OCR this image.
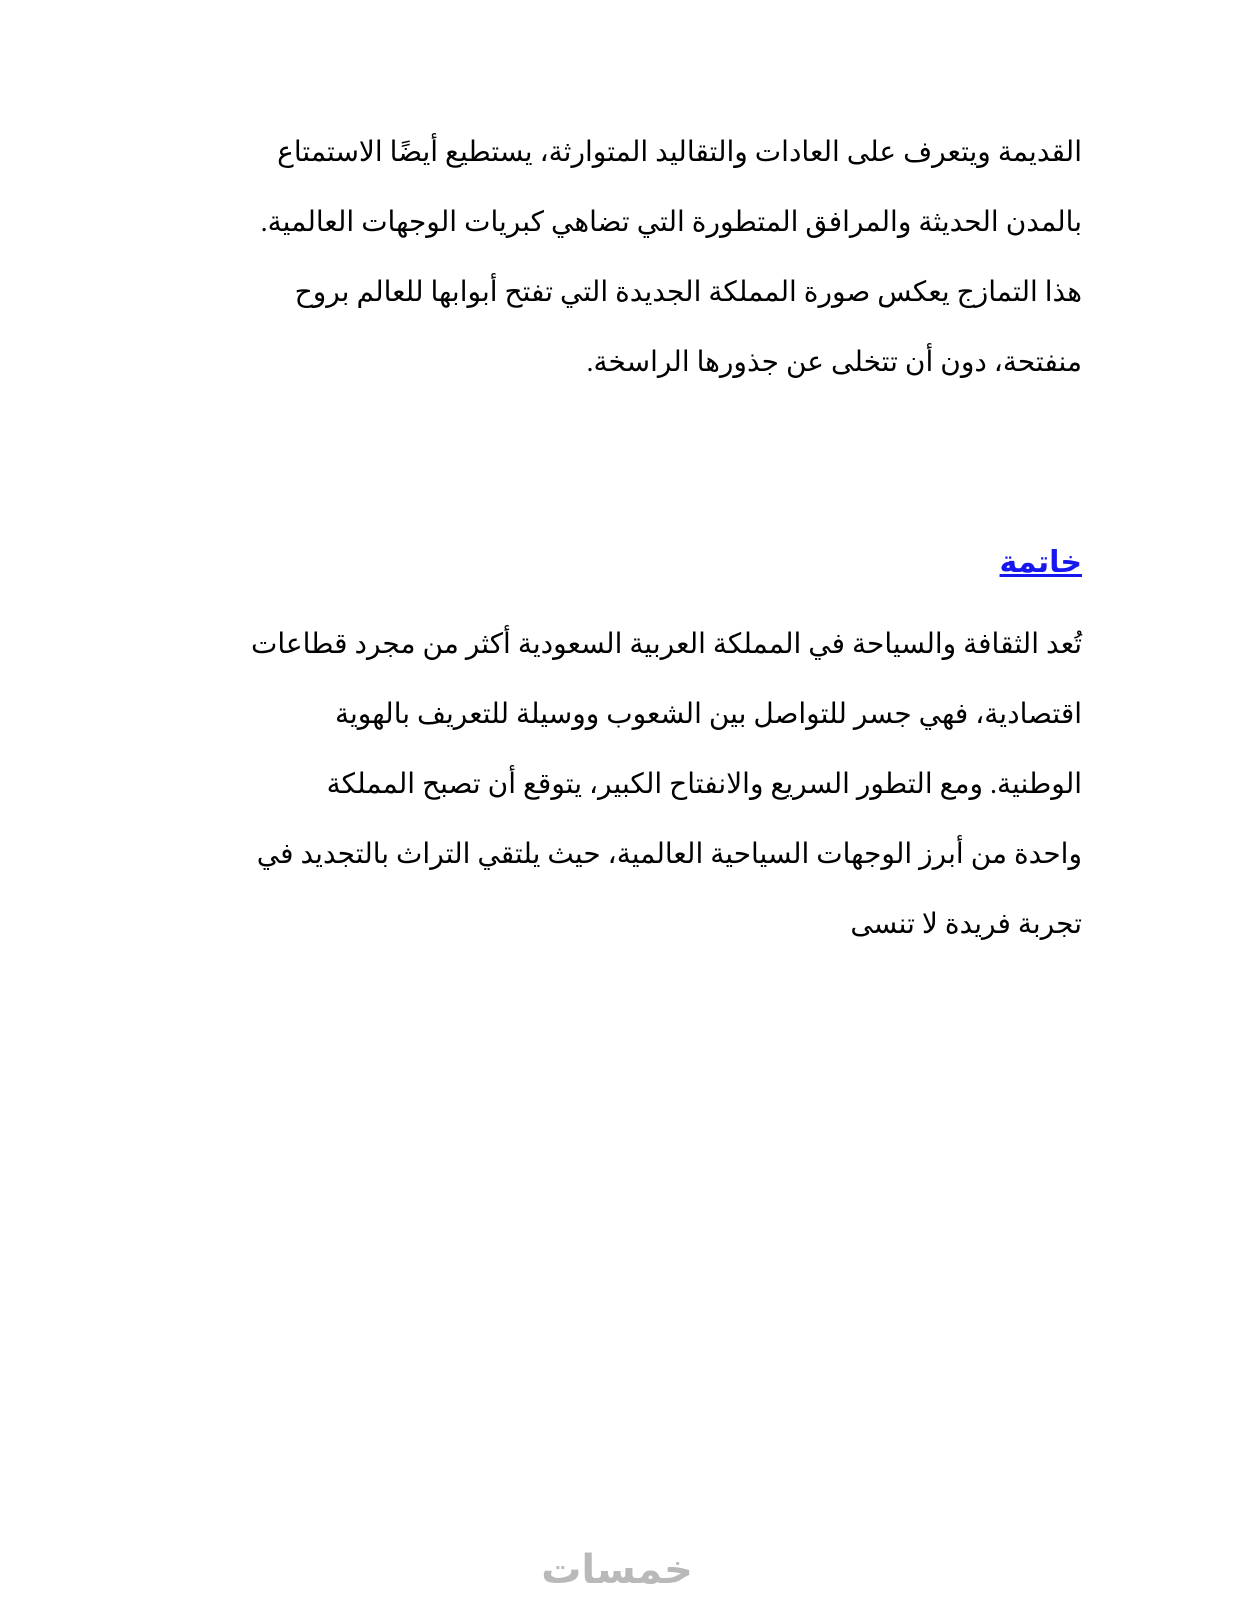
القديمة ويتعرف على العادات والتقاليد المتوارثة، يستطيع أيضًا الاستمتاع
بالمدن الحديثة والمرافق المتطورة التي تضاهي كبريات الوجهات العالمية.
هذا التمازج يعكس صورة المملكة الجديدة التي تفتح أبوابها للعالم بروح
منفتحة، دون أن تتخلى عن جذورها الراسخة.
خاتمة
تُعد الثقافة والسياحة في المملكة العربية السعودية أكثر من مجرد قطاعات
اقتصادية، فهي جسر للتواصل بين الشعوب ووسيلة للتعريف بالهوية
الوطنية. ومع التطور السريع والانفتاح الكبير، يتوقع أن تصبح المملكة
واحدة من أبرز الوجهات السياحية العالمية، حيث يلتقي التراث بالتجديد في
تجربة فريدة لا تنسى
خمسات
